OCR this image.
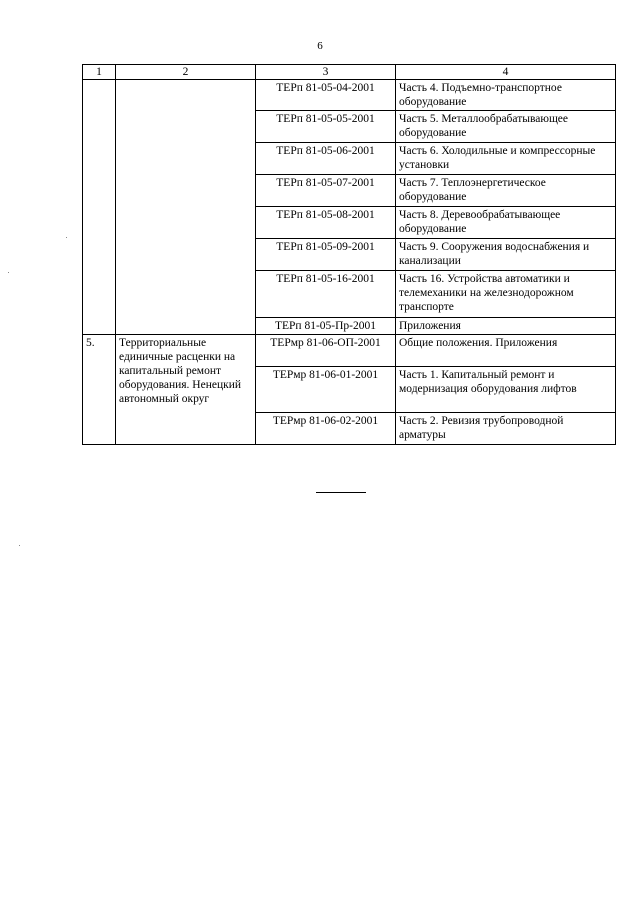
6
1	2	3	4
		ТЕРп 81-05-04-2001	Часть 4. Подъемно-транспортное оборудование
		ТЕРп 81-05-05-2001	Часть 5. Металлообрабатывающее оборудование
		ТЕРп 81-05-06-2001	Часть 6. Холодильные и компрессорные установки
		ТЕРп 81-05-07-2001	Часть 7. Теплоэнергетическое оборудование
		ТЕРп 81-05-08-2001	Часть 8. Деревообрабатывающее оборудование
		ТЕРп 81-05-09-2001	Часть 9. Сооружения водоснабжения и канализации
		ТЕРп 81-05-16-2001	Часть 16. Устройства автоматики и телемеханики на железнодорожном транспорте
		ТЕРп 81-05-Пр-2001	Приложения
5.	Территориальные единичные расценки на капитальный ремонт оборудования. Ненецкий автономный округ	ТЕРмр 81-06-ОП-2001	Общие положения. Приложения
		ТЕРмр 81-06-01-2001	Часть 1. Капитальный ремонт и модернизация оборудования лифтов
		ТЕРмр 81-06-02-2001	Часть 2. Ревизия трубопроводной арматуры
